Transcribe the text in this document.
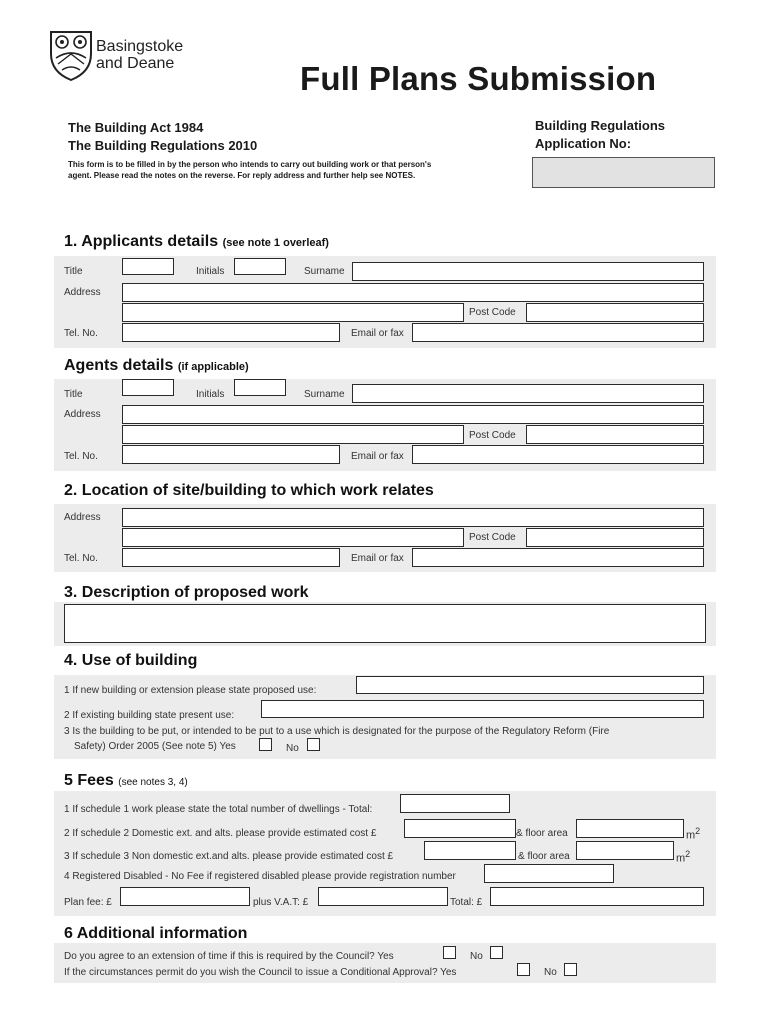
Basingstoke
and Deane	Full Plans Submission
The Building Act 1984
The Building Regulations 2010
This form is to be filled in by the person who intends to carry out building work or that person's
agent. Please read the notes on the reverse. For reply address and further help see NOTES.
Building Regulations
Application No:
1. Applicants details (see note 1 overleaf)
Title	Initials	Surname
Address
Post Code
Tel. No.	Email or fax
Agents details (if applicable)
Title	Initials	Surname
Address
Post Code
Tel. No.	Email or fax
2. Location of site/building to which work relates
Address
Post Code
Tel. No.	Email or fax
3. Description of proposed work
4. Use of building
1 If new building or extension please state proposed use:
2 If existing building state present use:
3 Is the building to be put, or intended to be put to a use which is designated for the purpose of the Regulatory Reform (Fire
Safety) Order 2005 (See note 5) Yes	No
5 Fees (see notes 3, 4)
1 If schedule 1 work please state the total number of dwellings - Total:
2 If schedule 2 Domestic ext. and alts. please provide estimated cost £	& floor area	$m^2$
3 If schedule 3 Non domestic ext.and alts. please provide estimated cost £	& floor area	$m^2$
4 Registered Disabled - No Fee if registered disabled please provide registration number
Plan fee: £	plus V.A.T: £	Total: £
6 Additional information
Do you agree to an extension of time if this is required by the Council? Yes	No
If the circumstances permit do you wish the Council to issue a Conditional Approval? Yes	No
